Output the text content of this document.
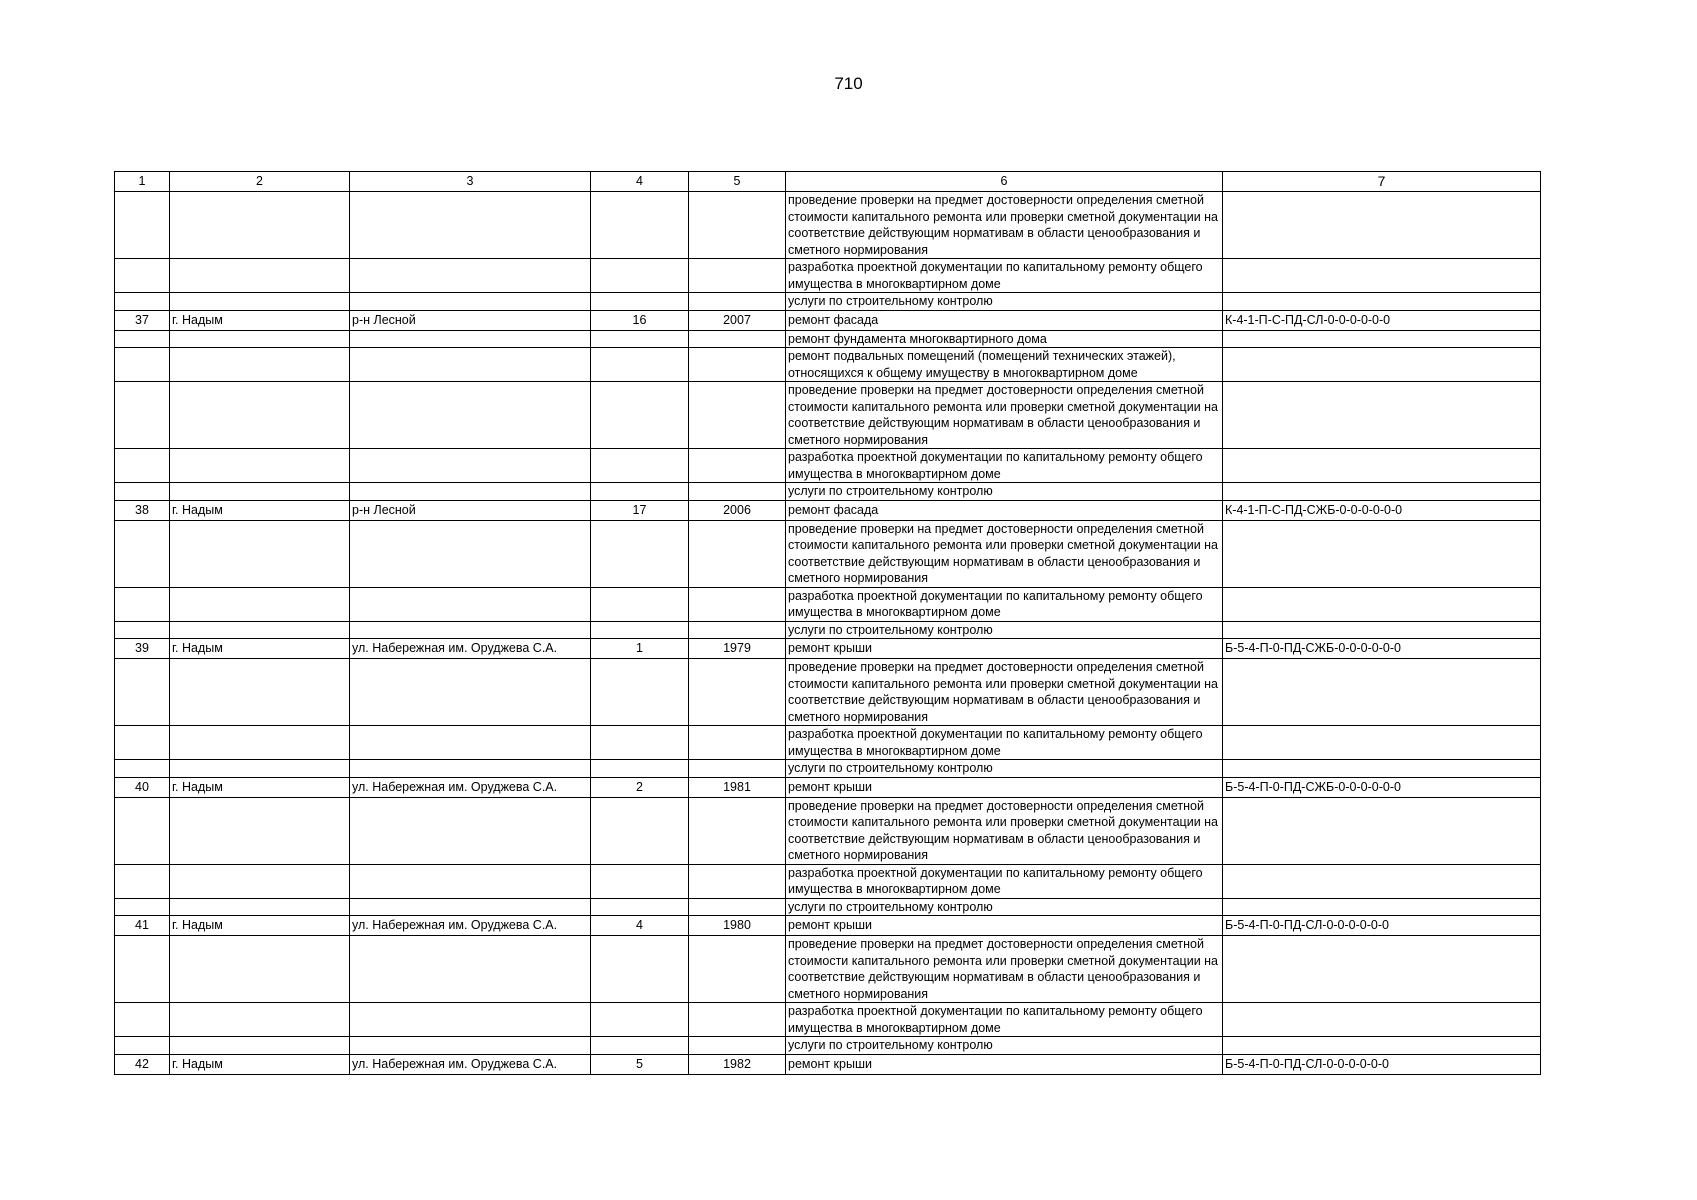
710
1	2	3	4	5	6	7
					проведение проверки на предмет достоверности определения сметной стоимости капитального ремонта или проверки сметной документации на соответствие действующим нормативам в области ценообразования и сметного нормирования	
					разработка проектной документации по капитальному ремонту общего имущества в многоквартирном доме	
					услуги по строительному контролю	
37	г. Надым	р-н Лесной	16	2007	ремонт фасада	К-4-1-П-С-ПД-СЛ-0-0-0-0-0-0
					ремонт фундамента многоквартирного дома	
					ремонт подвальных помещений (помещений технических этажей), относящихся к общему имуществу в многоквартирном доме	
					проведение проверки на предмет достоверности определения сметной стоимости капитального ремонта или проверки сметной документации на соответствие действующим нормативам в области ценообразования и сметного нормирования	
					разработка проектной документации по капитальному ремонту общего имущества в многоквартирном доме	
					услуги по строительному контролю	
38	г. Надым	р-н Лесной	17	2006	ремонт фасада	К-4-1-П-С-ПД-СЖБ-0-0-0-0-0-0
					проведение проверки на предмет достоверности определения сметной стоимости капитального ремонта или проверки сметной документации на соответствие действующим нормативам в области ценообразования и сметного нормирования	
					разработка проектной документации по капитальному ремонту общего имущества в многоквартирном доме	
					услуги по строительному контролю	
39	г. Надым	ул. Набережная им. Оруджева С.А.	1	1979	ремонт крыши	Б-5-4-П-0-ПД-СЖБ-0-0-0-0-0-0
					проведение проверки на предмет достоверности определения сметной стоимости капитального ремонта или проверки сметной документации на соответствие действующим нормативам в области ценообразования и сметного нормирования	
					разработка проектной документации по капитальному ремонту общего имущества в многоквартирном доме	
					услуги по строительному контролю	
40	г. Надым	ул. Набережная им. Оруджева С.А.	2	1981	ремонт крыши	Б-5-4-П-0-ПД-СЖБ-0-0-0-0-0-0
					проведение проверки на предмет достоверности определения сметной стоимости капитального ремонта или проверки сметной документации на соответствие действующим нормативам в области ценообразования и сметного нормирования	
					разработка проектной документации по капитальному ремонту общего имущества в многоквартирном доме	
					услуги по строительному контролю	
41	г. Надым	ул. Набережная им. Оруджева С.А.	4	1980	ремонт крыши	Б-5-4-П-0-ПД-СЛ-0-0-0-0-0-0
					проведение проверки на предмет достоверности определения сметной стоимости капитального ремонта или проверки сметной документации на соответствие действующим нормативам в области ценообразования и сметного нормирования	
					разработка проектной документации по капитальному ремонту общего имущества в многоквартирном доме	
					услуги по строительному контролю	
42	г. Надым	ул. Набережная им. Оруджева С.А.	5	1982	ремонт крыши	Б-5-4-П-0-ПД-СЛ-0-0-0-0-0-0
